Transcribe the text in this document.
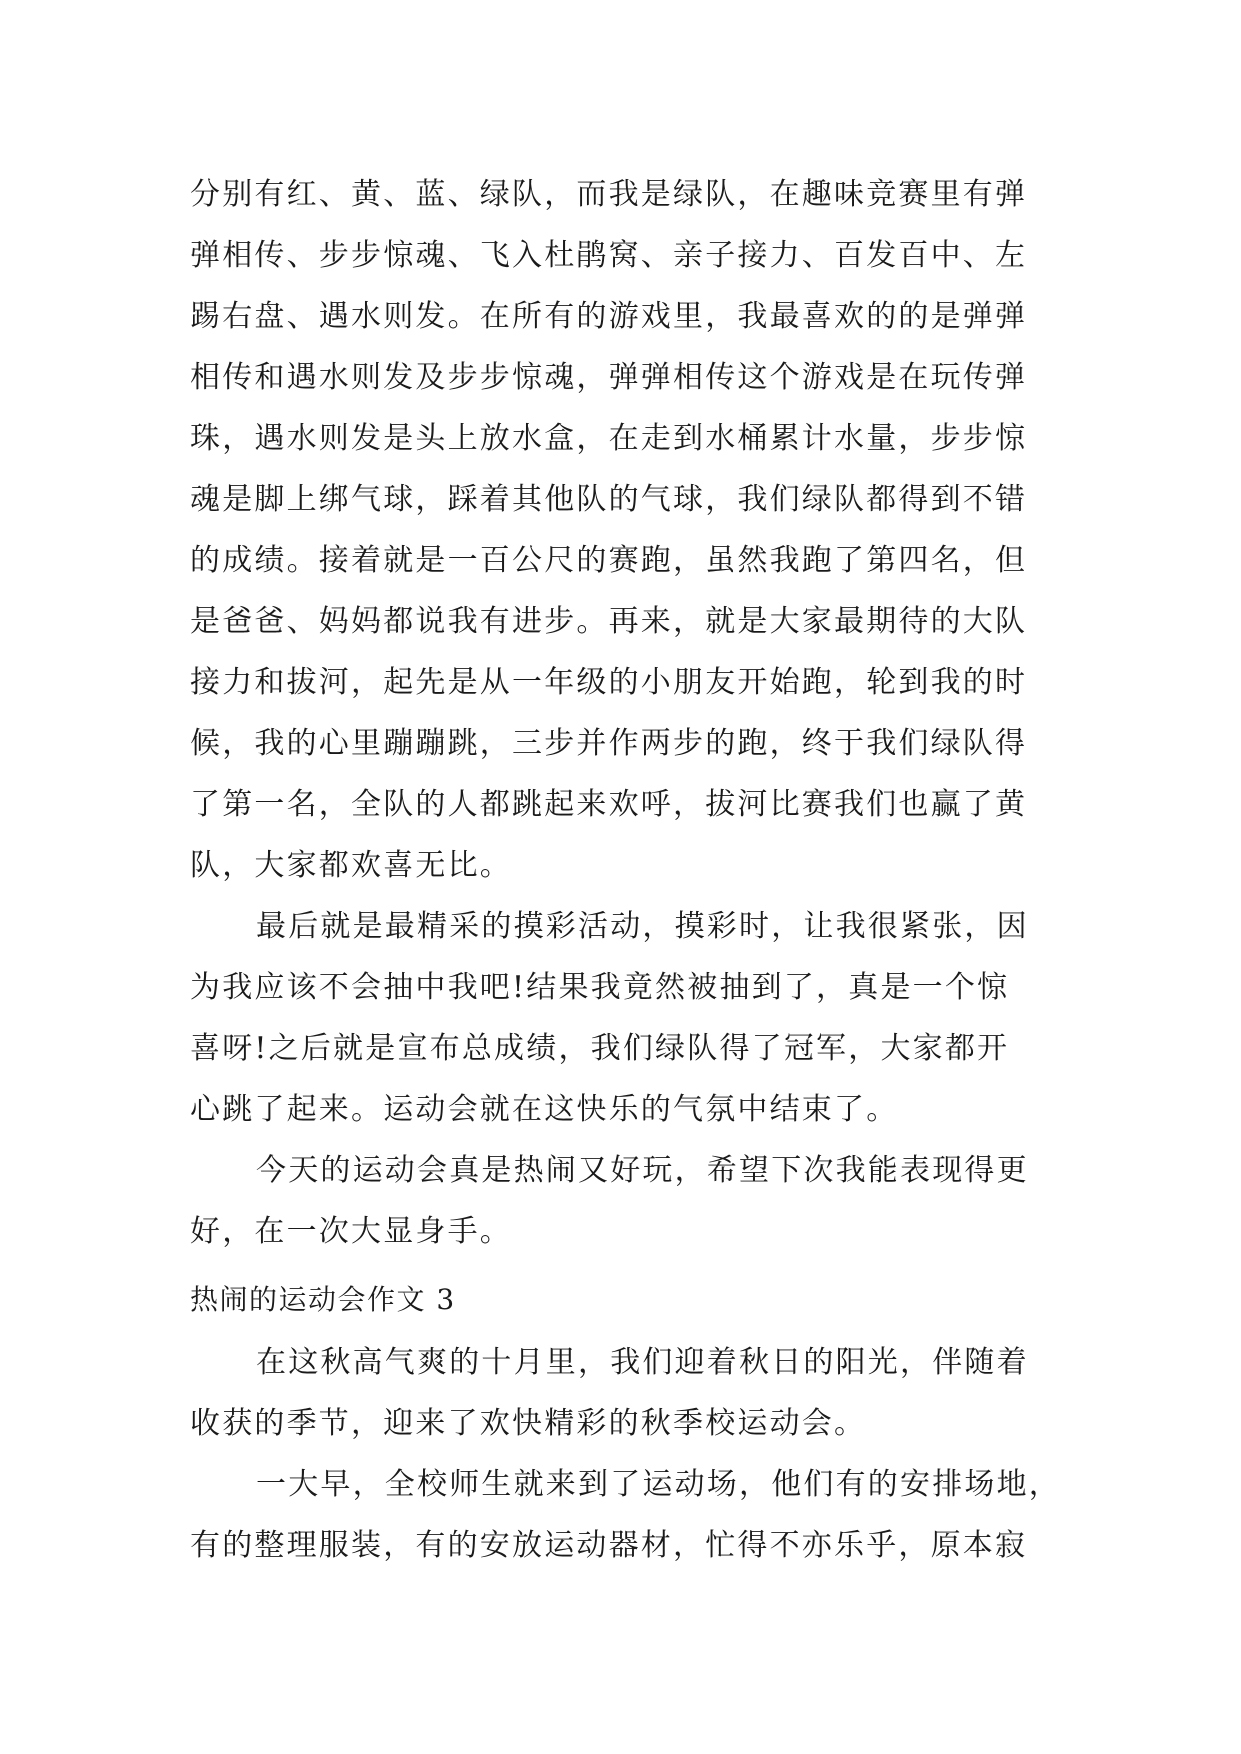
分别有红、黄、蓝、绿队，而我是绿队，在趣味竞赛里有弹

弹相传、步步惊魂、飞入杜鹃窝、亲子接力、百发百中、左

踢右盘、遇水则发。在所有的游戏里，我最喜欢的的是弹弹

相传和遇水则发及步步惊魂，弹弹相传这个游戏是在玩传弹

珠，遇水则发是头上放水盒，在走到水桶累计水量，步步惊

魂是脚上绑气球，踩着其他队的气球，我们绿队都得到不错

的成绩。接着就是一百公尺的赛跑，虽然我跑了第四名，但

是爸爸、妈妈都说我有进步。再来，就是大家最期待的大队

接力和拔河，起先是从一年级的小朋友开始跑，轮到我的时

候，我的心里蹦蹦跳，三步并作两步的跑，终于我们绿队得

了第一名，全队的人都跳起来欢呼，拔河比赛我们也赢了黄

队，大家都欢喜无比。

最后就是最精采的摸彩活动，摸彩时，让我很紧张，因

为我应该不会抽中我吧!结果我竟然被抽到了，真是一个惊

喜呀!之后就是宣布总成绩，我们绿队得了冠军，大家都开

心跳了起来。运动会就在这快乐的气氛中结束了。

今天的运动会真是热闹又好玩，希望下次我能表现得更

好，在一次大显身手。

热闹的运动会作文 3

在这秋高气爽的十月里，我们迎着秋日的阳光，伴随着

收获的季节，迎来了欢快精彩的秋季校运动会。

一大早，全校师生就来到了运动场，他们有的安排场地，

有的整理服装，有的安放运动器材，忙得不亦乐乎，原本寂
